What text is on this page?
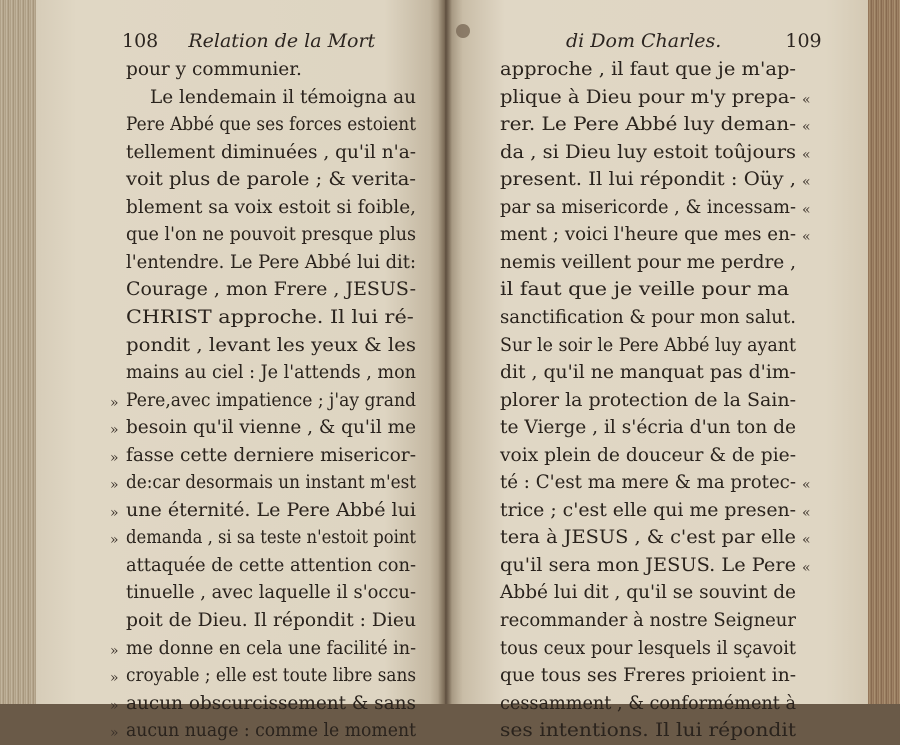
108 Relation de la Mort	di Dom Charles.	109
pour y communier.
Le lendemain il témoigna au
Pere Abbé que ses forces estoient
tellement diminuées , qu'il n'a-
voit plus de parole ; & verita-
blement sa voix estoit si foible,
que l'on ne pouvoit presque plus
l'entendre. Le Pere Abbé lui dit:
Courage , mon Frere , JESUS-
CHRIST approche. Il lui ré-
pondit , levant les yeux & les
mains au ciel : Je l'attends , mon
Pere,avec impatience ; j'ay grand
»
besoin qu'il vienne , & qu'il me
»
fasse cette derniere misericor-
»
de:car desormais un instant m'est
»
une éternité. Le Pere Abbé lui
»
demanda , si sa teste n'estoit point
»
attaquée de cette attention con-
tinuelle , avec laquelle il s'occu-
poit de Dieu. Il répondit : Dieu
me donne en cela une facilité in-
»
croyable ; elle est toute libre sans
»
aucun obscurcissement & sans
»
aucun nuage : comme le moment
»
approche , il faut que je m'ap-
plique à Dieu pour m'y prepa- «
rer. Le Pere Abbé luy deman- «
da , si Dieu luy estoit toûjours «
present. Il lui répondit : Oüy , «
par sa misericorde , & incessam- «
ment ; voici l'heure que mes en- «
nemis veillent pour me perdre ,
il faut que je veille pour ma
sanctification & pour mon salut.
Sur le soir le Pere Abbé luy ayant
dit , qu'il ne manquat pas d'im-
plorer la protection de la Sain-
te Vierge , il s'écria d'un ton de
voix plein de douceur & de pie-
té : C'est ma mere & ma protec- «
trice ; c'est elle qui me presen- «
tera à JESUS , & c'est par elle «
qu'il sera mon JESUS. Le Pere «
Abbé lui dit , qu'il se souvint de
recommander à nostre Seigneur
tous ceux pour lesquels il sçavoit
que tous ses Freres prioient in-
cessamment , & conformément à
ses intentions. Il lui répondit
